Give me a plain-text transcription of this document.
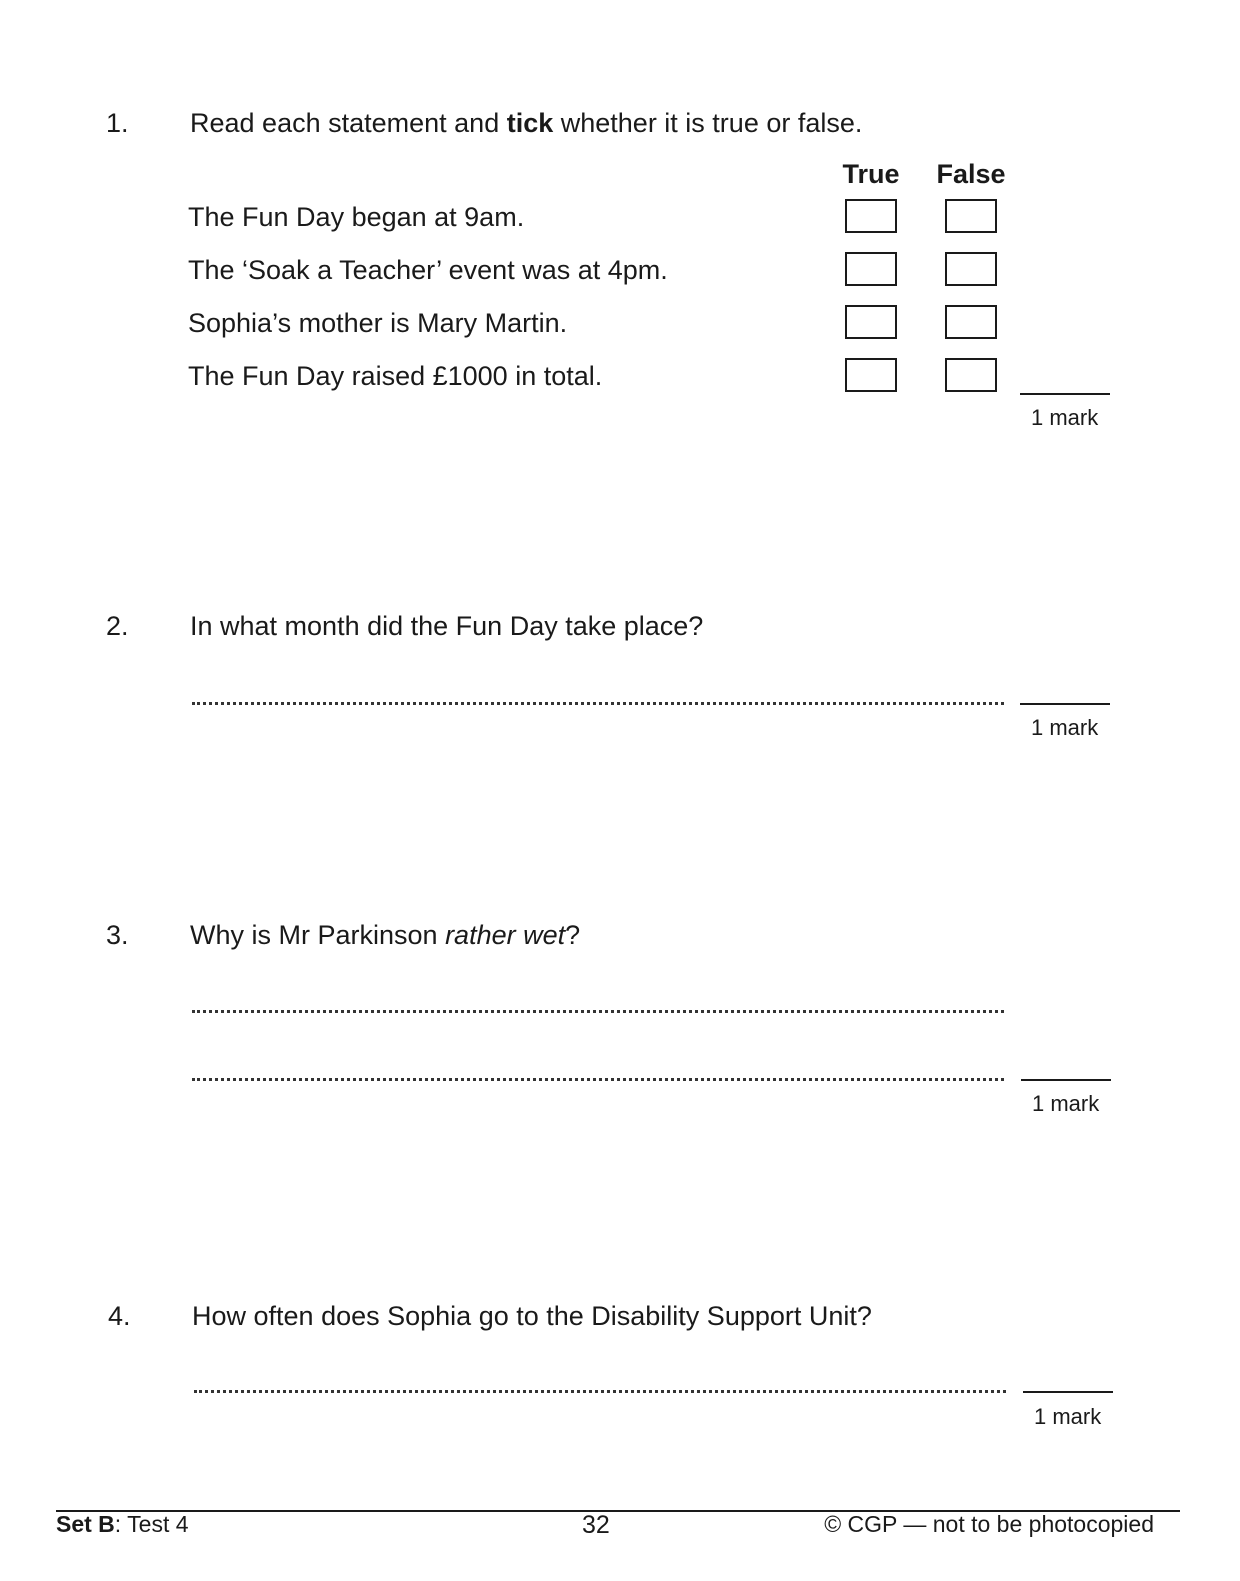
1. Read each statement and tick whether it is true or false.
True	False
The Fun Day began at 9am.
The ‘Soak a Teacher’ event was at 4pm.
Sophia’s mother is Mary Martin.
The Fun Day raised £1000 in total.
1 mark
2. In what month did the Fun Day take place?
1 mark
3. Why is Mr Parkinson rather wet?
1 mark
4. How often does Sophia go to the Disability Support Unit?
1 mark
Set B: Test 4	32	© CGP — not to be photocopied
